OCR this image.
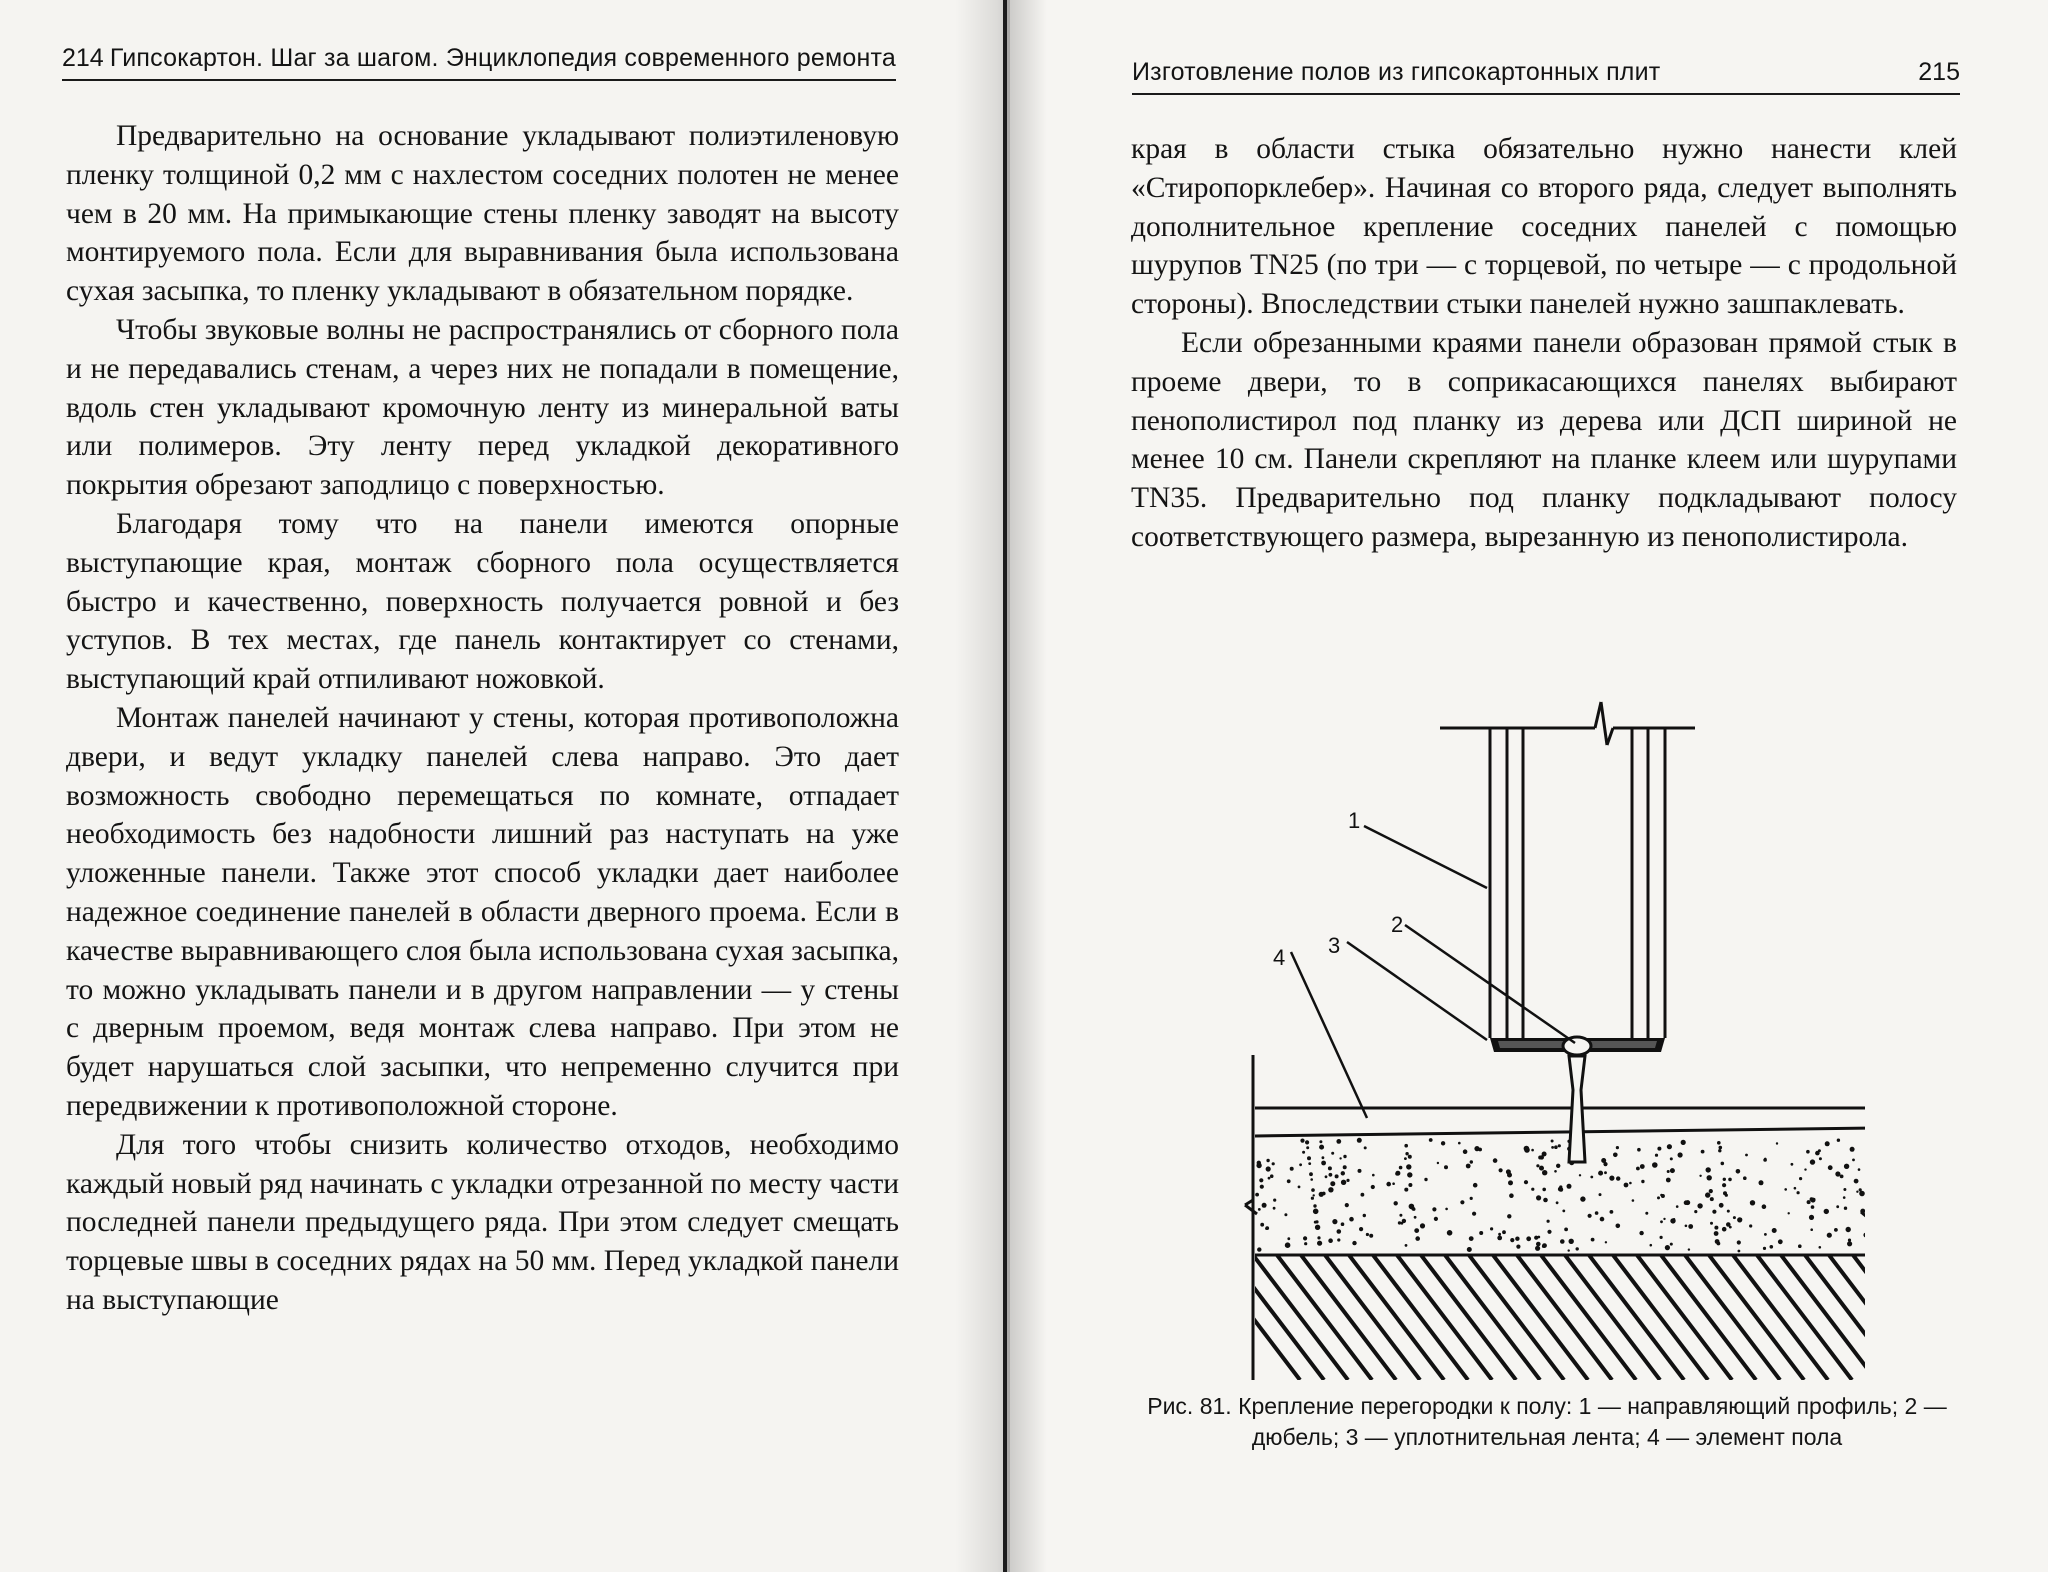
214 Гипсокартон. Шаг за шагом. Энциклопедия современного ремонта

Предварительно на основание укладывают полиэтиленовую пленку толщиной 0,2 мм с нахлестом соседних полотен не менее чем в 20 мм. На примыкающие стены пленку заводят на высоту монтируемого пола. Если для выравнивания была использована сухая засыпка, то пленку укладывают в обязательном порядке.

Чтобы звуковые волны не распространялись от сборного пола и не передавались стенам, а через них не попадали в помещение, вдоль стен укладывают кромочную ленту из минеральной ваты или полимеров. Эту ленту перед укладкой декоративного покрытия обрезают заподлицо с поверхностью.

Благодаря тому что на панели имеются опорные выступающие края, монтаж сборного пола осуществляется быстро и качественно, поверхность получается ровной и без уступов. В тех местах, где панель контактирует со стенами, выступающий край отпиливают ножовкой.

Монтаж панелей начинают у стены, которая противоположна двери, и ведут укладку панелей слева направо. Это дает возможность свободно перемещаться по комнате, отпадает необходимость без надобности лишний раз наступать на уже уложенные панели. Также этот способ укладки дает наиболее надежное соединение панелей в области дверного проема. Если в качестве выравнивающего слоя была использована сухая засыпка, то можно укладывать панели и в другом направлении — у стены с дверным проемом, ведя монтаж слева направо. При этом не будет нарушаться слой засыпки, что непременно случится при передвижении к противоположной стороне.

Для того чтобы снизить количество отходов, необходимо каждый новый ряд начинать с укладки отрезанной по месту части последней панели предыдущего ряда. При этом следует смещать торцевые швы в соседних рядах на 50 мм. Перед укладкой панели на выступающие

Изготовление полов из гипсокартонных плит	215

края в области стыка обязательно нужно нанести клей «Стиропорклебер». Начиная со второго ряда, следует выполнять дополнительное крепление соседних панелей с помощью шурупов TN25 (по три — с торцевой, по четыре — с продольной стороны). Впоследствии стыки панелей нужно зашпаклевать.

Если обрезанными краями панели образован прямой стык в проеме двери, то в соприкасающихся панелях выбирают пенополистирол под планку из дерева или ДСП шириной не менее 10 см. Панели скрепляют на планке клеем или шурупами TN35. Предварительно под планку подкладывают полосу соответствующего размера, вырезанную из пенополистирола.

1
2
3
4
Рис. 81. Крепление перегородки к полу: 1 — направляющий профиль; 2 — дюбель; 3 — уплотнительная лента; 4 — элемент пола
